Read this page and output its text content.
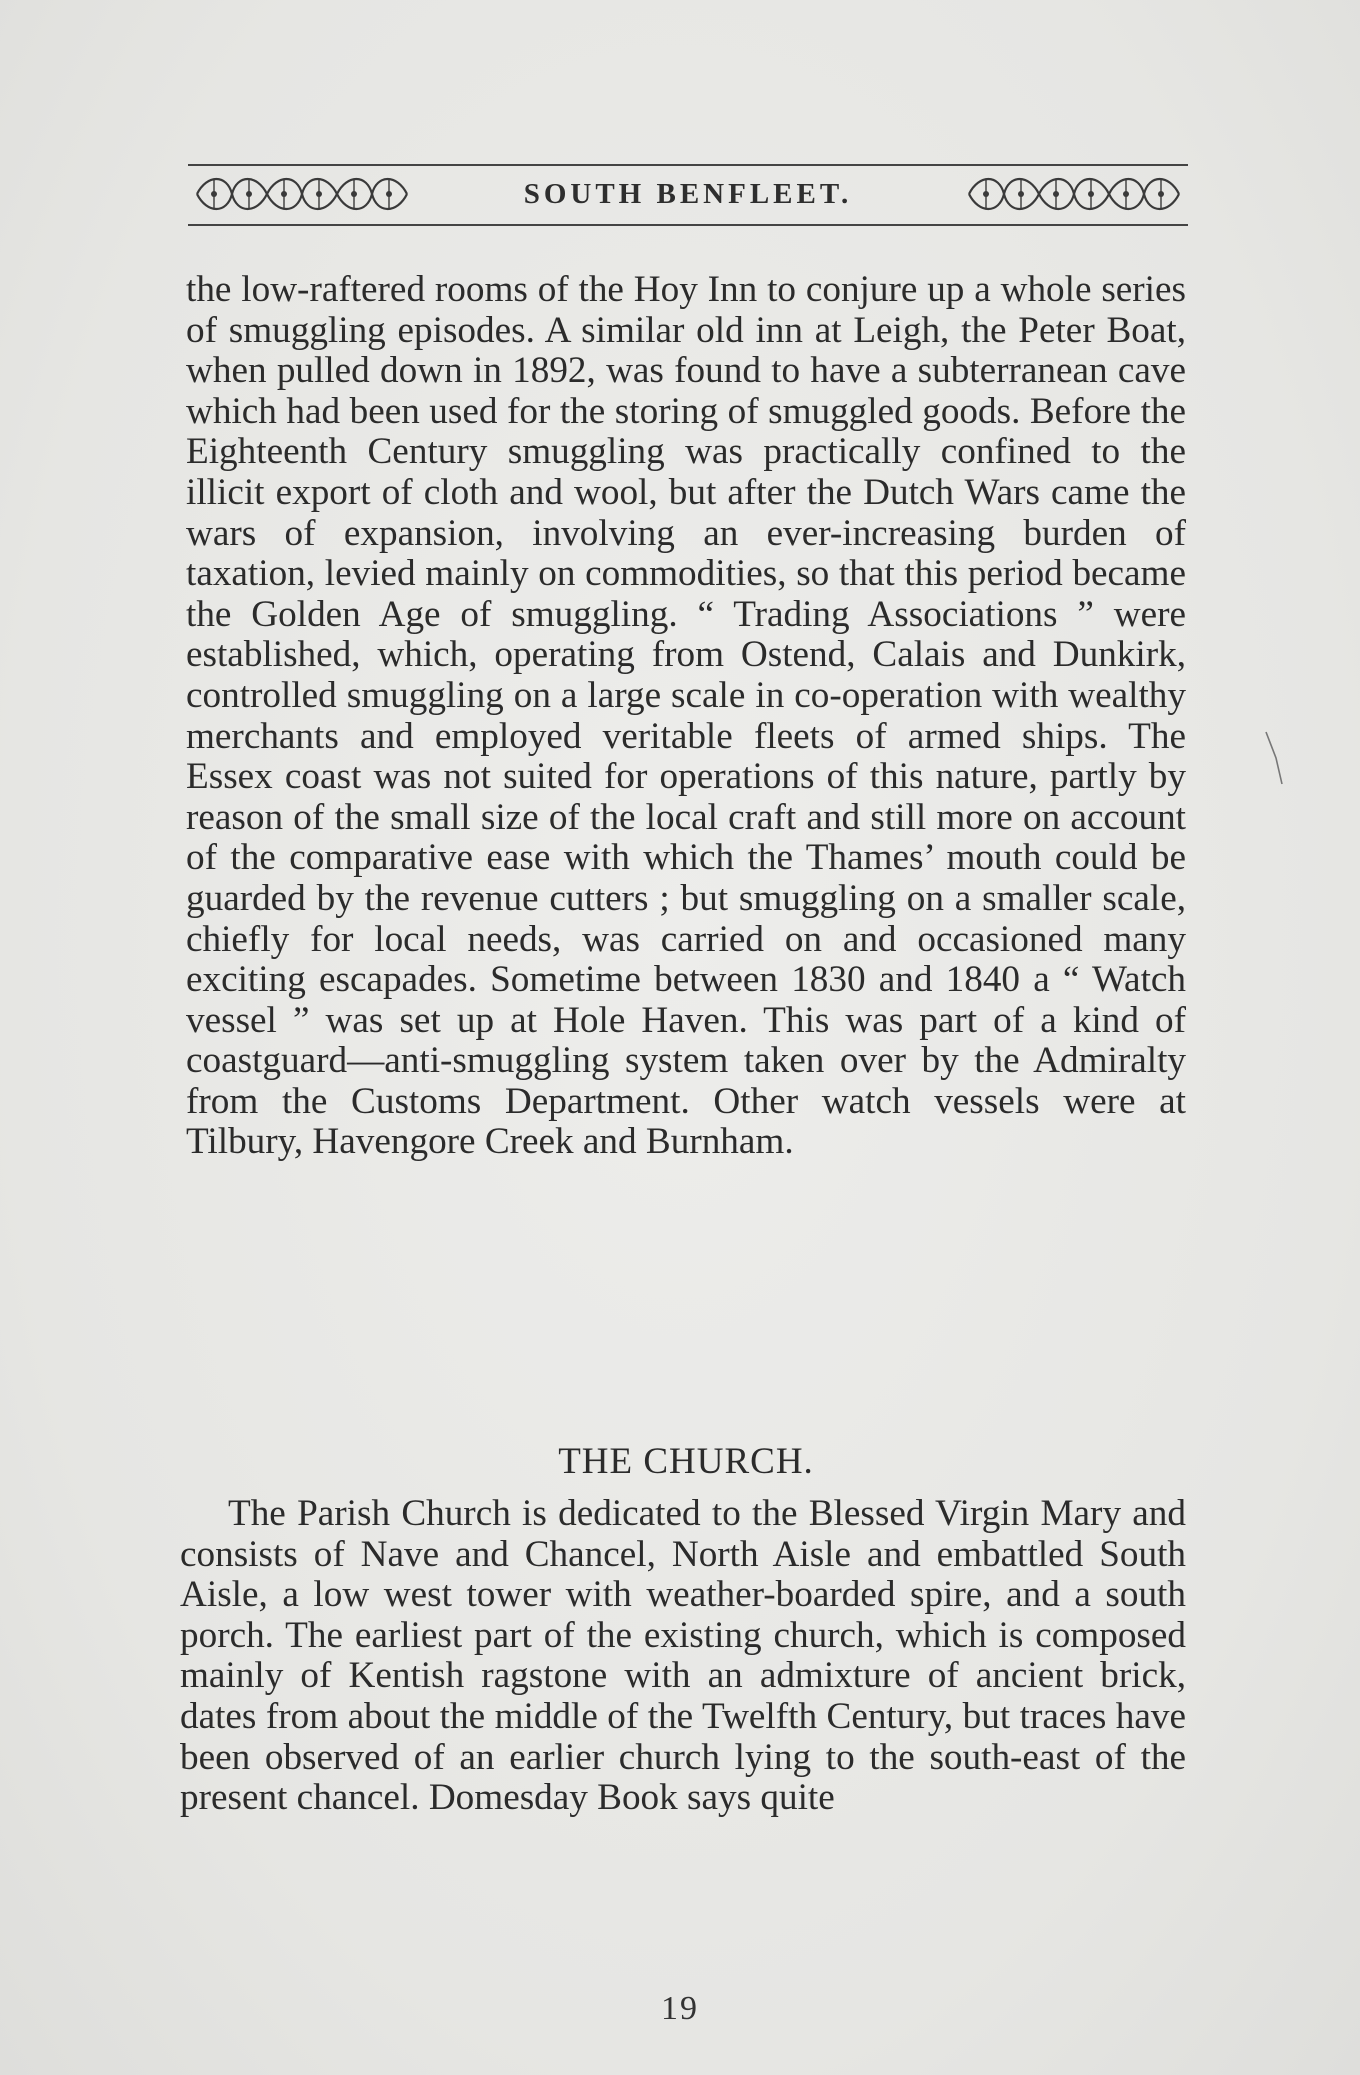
SOUTH BENFLEET.

the low-raftered rooms of the Hoy Inn to conjure up a whole series of smuggling episodes. A similar old inn at Leigh, the Peter Boat, when pulled down in 1892, was found to have a subterranean cave which had been used for the storing of smuggled goods. Before the Eighteenth Century smuggling was practically confined to the illicit export of cloth and wool, but after the Dutch Wars came the wars of expansion, involving an ever-increasing burden of taxation, levied mainly on commodities, so that this period became the Golden Age of smuggling. “ Trading Associations ” were established, which, operating from Ostend, Calais and Dunkirk, controlled smuggling on a large scale in co-operation with wealthy merchants and employed veritable fleets of armed ships. The Essex coast was not suited for operations of this nature, partly by reason of the small size of the local craft and still more on account of the comparative ease with which the Thames’ mouth could be guarded by the revenue cutters ; but smuggling on a smaller scale, chiefly for local needs, was carried on and occasioned many exciting escapades. Sometime between 1830 and 1840 a “ Watch vessel ” was set up at Hole Haven. This was part of a kind of coastguard—anti-smuggling system taken over by the Admiralty from the Customs Department. Other watch vessels were at Tilbury, Havengore Creek and Burnham.

THE CHURCH.

The Parish Church is dedicated to the Blessed Virgin Mary and consists of Nave and Chancel, North Aisle and embattled South Aisle, a low west tower with weather-boarded spire, and a south porch. The earliest part of the existing church, which is composed mainly of Kentish ragstone with an admixture of ancient brick, dates from about the middle of the Twelfth Century, but traces have been observed of an earlier church lying to the south-east of the present chancel. Domesday Book says quite

19
